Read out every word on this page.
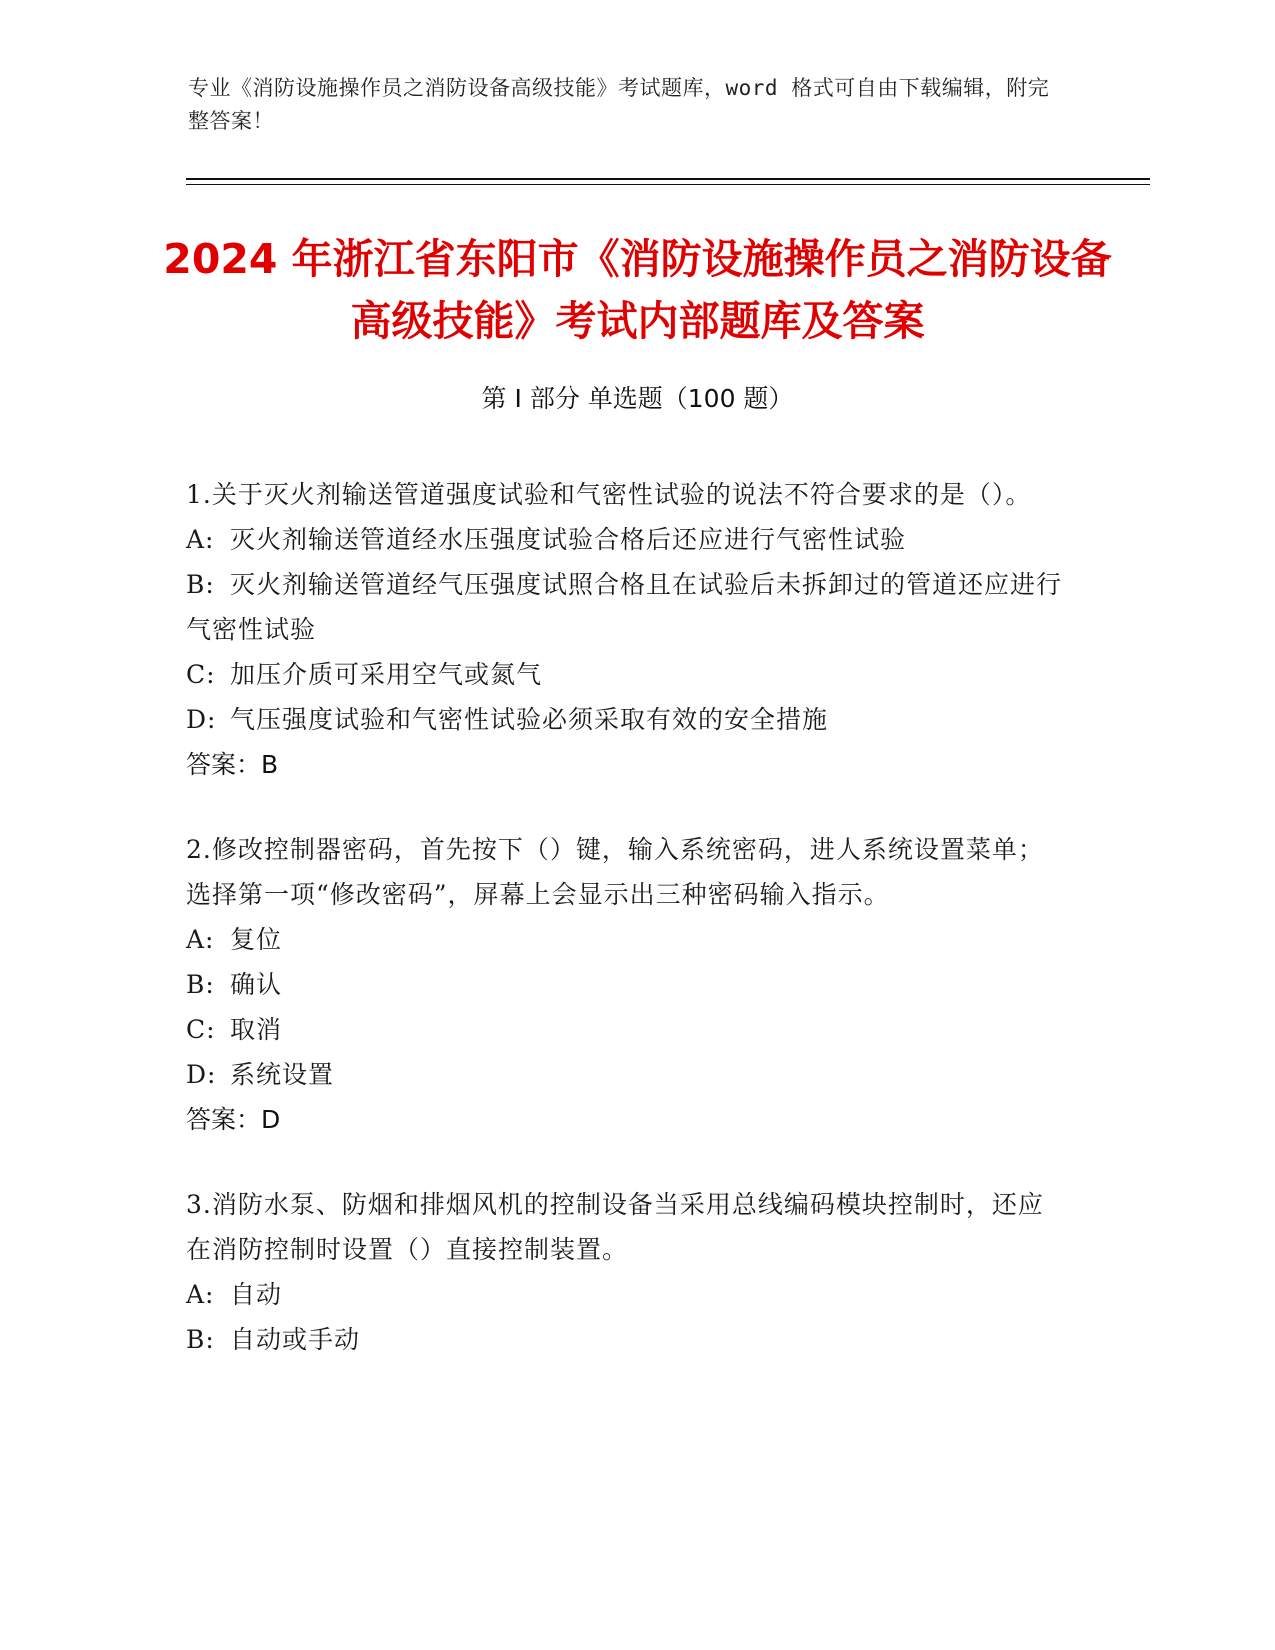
专业《消防设施操作员之消防设备高级技能》考试题库，word 格式可自由下载编辑，附完整答案！
2024 年浙江省东阳市《消防设施操作员之消防设备高级技能》考试内部题库及答案
第 I 部分 单选题（100 题）
1.关于灭火剂输送管道强度试验和气密性试验的说法不符合要求的是（）。
A: 灭火剂输送管道经水压强度试验合格后还应进行气密性试验
B: 灭火剂输送管道经气压强度试照合格且在试验后未拆卸过的管道还应进行气密性试验
C: 加压介质可采用空气或氮气
D: 气压强度试验和气密性试验必须采取有效的安全措施
答案：B
2.修改控制器密码，首先按下（）键，输入系统密码，进人系统设置菜单；选择第一项“修改密码”，屏幕上会显示出三种密码输入指示。
A: 复位
B: 确认
C: 取消
D: 系统设置
答案：D
3.消防水泵、防烟和排烟风机的控制设备当采用总线编码模块控制时，还应在消防控制时设置（）直接控制装置。
A: 自动
B: 自动或手动
